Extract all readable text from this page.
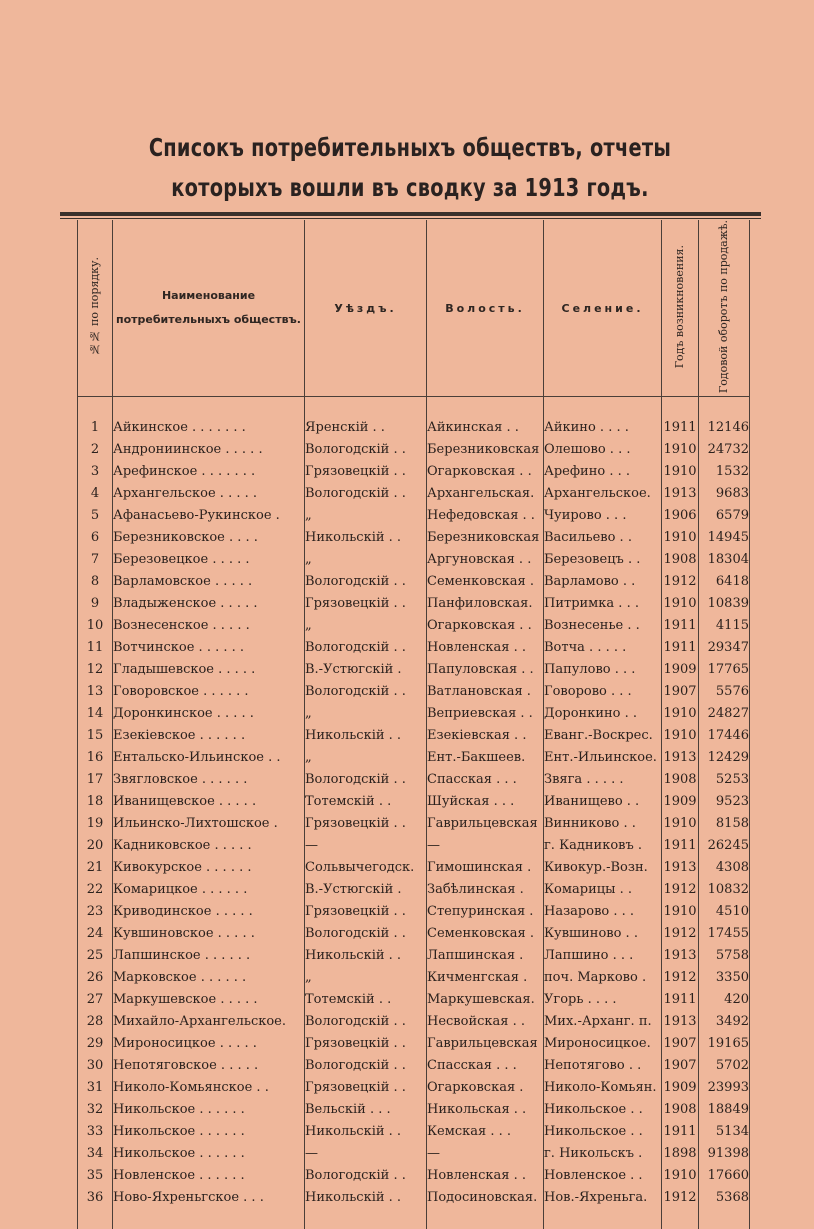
Списокъ потребительныхъ обществъ, отчеты которыхъ вошли въ сводку за 1913 годъ.
№№ по порядку.	Наименование потребительныхъ обществъ.	Уѣздъ.	Волость.	Селение.	Годъ возникновения.	Годовой оборотъ по продажѣ.

1	Айкинское . . . . . . .	Яренскій . .	Айкинская . .	Айкино . . . .	1911	12146
2	Андрониинское . . . . .	Вологодскій . .	Березниковская	Олешово . . .	1910	24732
3	Арефинское . . . . . . .	Грязовецкій . .	Огарковская . .	Арефино . . .	1910	1532
4	Архангельское . . . . .	Вологодскій . .	Архангельская.	Архангельское.	1913	9683
5	Афанасьево-Рукинское .	„	Нефедовская . .	Чуирово . . .	1906	6579
6	Березниковское . . . .	Никольскій . .	Березниковская	Васильево . .	1910	14945
7	Березовецкое . . . . .	„	Аргуновская . .	Березовецъ . .	1908	18304
8	Варламовское . . . . .	Вологодскій . .	Семенковская .	Варламово . .	1912	6418
9	Владыженское . . . . .	Грязовецкій . .	Панфиловская.	Питримка . . .	1910	10839
10	Вознесенское . . . . .	„	Огарковская . .	Вознесенье . .	1911	4115
11	Вотчинское . . . . . .	Вологодскій . .	Новленская . .	Вотча . . . . .	1911	29347
12	Гладышевское . . . . .	В.-Устюгскій .	Папуловская . .	Папулово . . .	1909	17765
13	Говоровское . . . . . .	Вологодскій . .	Ватлановская .	Говорово . . .	1907	5576
14	Доронкинское . . . . .	„	Веприевская . .	Доронкино . .	1910	24827
15	Езекіевское . . . . . .	Никольскій . .	Езекіевская . .	Еванг.-Воскрес.	1910	17446
16	Ентальско-Ильинское . .	„	Ент.-Бакшеев.	Ент.-Ильинское.	1913	12429
17	Звягловское . . . . . .	Вологодскій . .	Спасская . . .	Звяга . . . . .	1908	5253
18	Иванищевское . . . . .	Тотемскій . .	Шуйская . . .	Иванищево . .	1909	9523
19	Ильинско-Лихтошское .	Грязовецкій . .	Гаврильцевская	Винниково . .	1910	8158
20	Кадниковское . . . . .	—	—	г. Кадниковъ .	1911	26245
21	Кивокурское . . . . . .	Сольвычегодск.	Гимошинская .	Кивокур.-Возн.	1913	4308
22	Комарицкое . . . . . .	В.-Устюгскій .	Забѣлинская .	Комарицы . .	1912	10832
23	Криводинское . . . . .	Грязовецкій . .	Степуринская .	Назарово . . .	1910	4510
24	Кувшиновское . . . . .	Вологодскій . .	Семенковская .	Кувшиново . .	1912	17455
25	Лапшинское . . . . . .	Никольскій . .	Лапшинская .	Лапшино . . .	1913	5758
26	Марковское . . . . . .	„	Кичменгская .	поч. Марково .	1912	3350
27	Маркушевское . . . . .	Тотемскій . .	Маркушевская.	Угорь . . . .	1911	420
28	Михайло-Архангельское.	Вологодскій . .	Несвойская . .	Мих.-Арханг. п.	1913	3492
29	Мироносицкое . . . . .	Грязовецкій . .	Гаврильцевская	Мироносицкое.	1907	19165
30	Непотяговское . . . . .	Вологодскій . .	Спасская . . .	Непотягово . .	1907	5702
31	Николо-Комьянское . .	Грязовецкій . .	Огарковская .	Николо-Комьян.	1909	23993
32	Никольское . . . . . .	Вельскій . . .	Никольская . .	Никольское . .	1908	18849
33	Никольское . . . . . .	Никольскій . .	Кемская . . .	Никольское . .	1911	5134
34	Никольское . . . . . .	—	—	г. Никольскъ .	1898	91398
35	Новленское . . . . . .	Вологодскій . .	Новленская . .	Новленское . .	1910	17660
36	Ново-Яхреньгское . . .	Никольскій . .	Подосиновская.	Нов.-Яхреньга.	1912	5368
